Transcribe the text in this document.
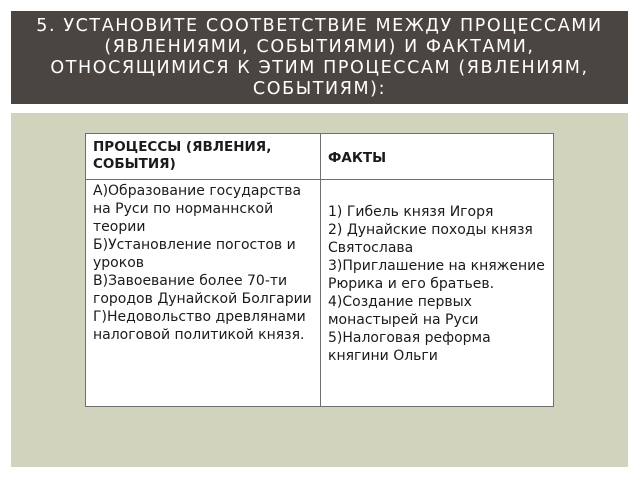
5. УСТАНОВИТЕ СООТВЕТСТВИЕ МЕЖДУ ПРОЦЕССАМИ (ЯВЛЕНИЯМИ, СОБЫТИЯМИ) И ФАКТАМИ, ОТНОСЯЩИМИСЯ К ЭТИМ ПРОЦЕССАМ (ЯВЛЕНИЯМ, СОБЫТИЯМ):
ПРОЦЕССЫ (ЯВЛЕНИЯ, СОБЫТИЯ)	ФАКТЫ
А)Образование государства на Руси по норманнской теории
Б)Установление погостов и уроков
В)Завоевание более 70-ти городов Дунайской Болгарии
Г)Недовольство древлянами налоговой политикой князя.
1) Гибель князя Игоря
2) Дунайские походы князя Святослава
3)Приглашение на княжение Рюрика и его братьев.
4)Создание первых монастырей на Руси
5)Налоговая реформа княгини Ольги
